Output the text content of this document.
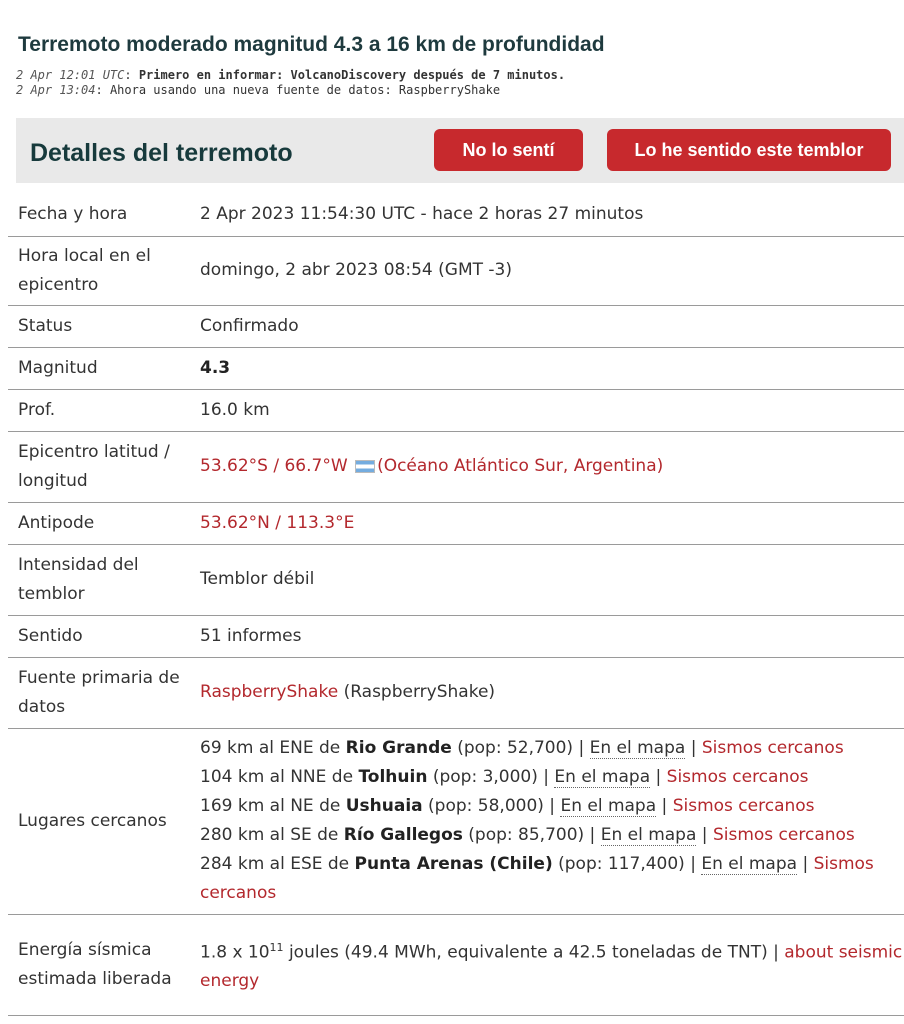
Terremoto moderado magnitud 4.3 a 16 km de profundidad
2 Apr 12:01 UTC: Primero en informar: VolcanoDiscovery después de 7 minutos.
2 Apr 13:04: Ahora usando una nueva fuente de datos: RaspberryShake
Detalles del terremoto	No lo sentí	Lo he sentido este temblor
Fecha y hora	2 Apr 2023 11:54:30 UTC - hace 2 horas 27 minutos
Hora local en el epicentro	domingo, 2 abr 2023 08:54 (GMT -3)
Status	Confirmado
Magnitud	4.3
Prof.	16.0 km
Epicentro latitud / longitud	53.62°S / 66.7°W (Océano Atlántico Sur, Argentina)
Antipode	53.62°N / 113.3°E
Intensidad del temblor	Temblor débil
Sentido	51 informes
Fuente primaria de datos	RaspberryShake (RaspberryShake)
Lugares cercanos	69 km al ENE de Rio Grande (pop: 52,700) | En el mapa | Sismos cercanos
104 km al NNE de Tolhuin (pop: 3,000) | En el mapa | Sismos cercanos
169 km al NE de Ushuaia (pop: 58,000) | En el mapa | Sismos cercanos
280 km al SE de Río Gallegos (pop: 85,700) | En el mapa | Sismos cercanos
284 km al ESE de Punta Arenas (Chile) (pop: 117,400) | En el mapa | Sismos cercanos

Energía sísmica estimada liberada	1.8 x $10^{11}$ joules (49.4 MWh, equivalente a 42.5 toneladas de TNT) | about seismic energy
